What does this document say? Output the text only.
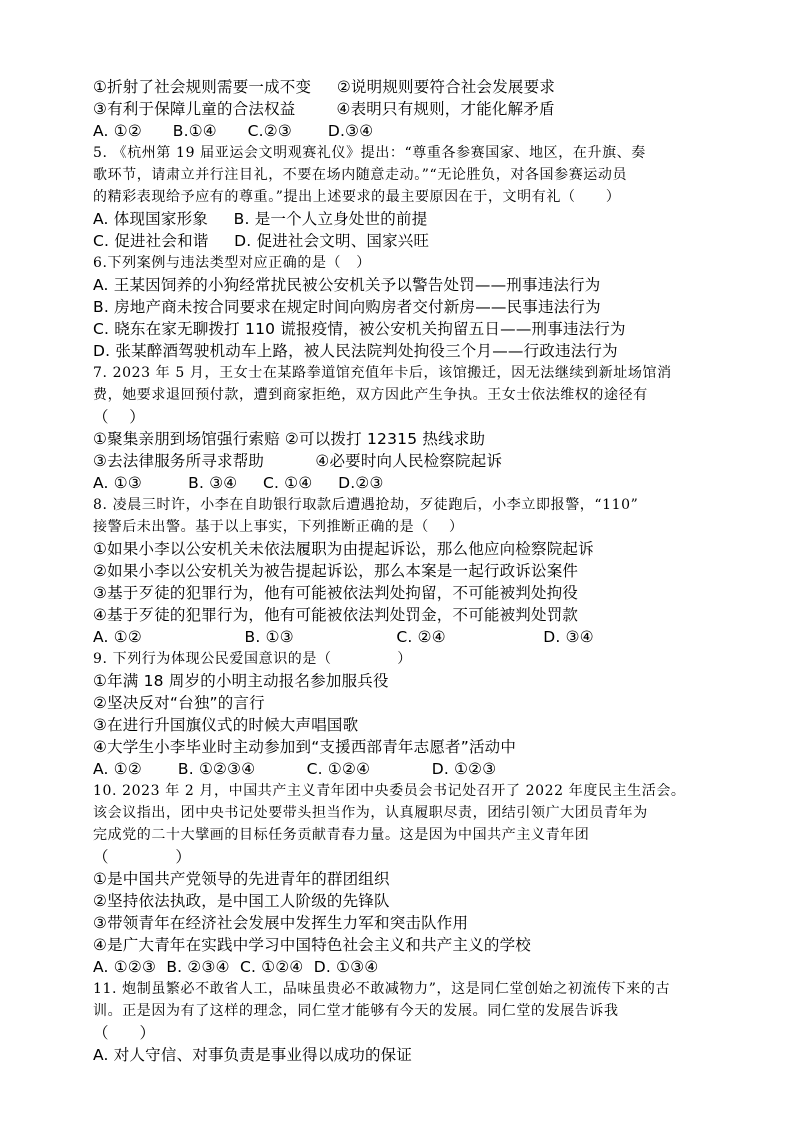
①折射了社会规则需要一成不变     ②说明规则要符合社会发展要求
③有利于保障儿童的合法权益        ④表明只有规则，才能化解矛盾
A. ①②      B.①④      C.②③       D.③④
5. 《杭州第 19 届亚运会文明观赛礼仪》提出：“尊重各参赛国家、地区，在升旗、奏
歌环节，请肃立并行注目礼，不要在场内随意走动。”“无论胜负，对各国参赛运动员
的精彩表现给予应有的尊重。”提出上述要求的最主要原因在于，文明有礼（      ）
A. 体现国家形象     B. 是一个人立身处世的前提
C. 促进社会和谐     D. 促进社会文明、国家兴旺
6.下列案例与违法类型对应正确的是（   ）
A. 王某因饲养的小狗经常扰民被公安机关予以警告处罚——刑事违法行为
B. 房地产商未按合同要求在规定时间向购房者交付新房——民事违法行为
C. 晓东在家无聊拨打 110 谎报疫情，被公安机关拘留五日——刑事违法行为
D. 张某醉酒驾驶机动车上路，被人民法院判处拘役三个月——行政违法行为
7. 2023 年 5 月，王女士在某路拳道馆充值年卡后，该馆搬迁，因无法继续到新址场馆消
费，她要求退回预付款，遭到商家拒绝，双方因此产生争执。王女士依法维权的途径有
（    ）
①聚集亲朋到场馆强行索赔 ②可以拨打 12315 热线求助
③去法律服务所寻求帮助          ④必要时向人民检察院起诉
A. ①③         B. ③④     C. ①④     D.②③
8. 凌晨三时许，小李在自助银行取款后遭遇抢劫，歹徒跑后，小李立即报警，“110”
接警后未出警。基于以上事实，下列推断正确的是（    ）
①如果小李以公安机关未依法履职为由提起诉讼，那么他应向检察院起诉
②如果小李以公安机关为被告提起诉讼，那么本案是一起行政诉讼案件
③基于歹徒的犯罪行为，他有可能被依法判处拘留，不可能被判处拘役
④基于歹徒的犯罪行为，他有可能被依法判处罚金，不可能被判处罚款
A. ①②                    B. ①③                    C. ②④                   D. ③④
9. 下列行为体现公民爱国意识的是（             ）
①年满 18 周岁的小明主动报名参加服兵役
②坚决反对“台独”的言行
③在进行升国旗仪式的时候大声唱国歌
④大学生小李毕业时主动参加到“支援西部青年志愿者”活动中
A. ①②       B. ①②③④          C. ①②④            D. ①②③
10. 2023 年 2 月，中国共产主义青年团中央委员会书记处召开了 2022 年度民主生活会。
该会议指出，团中央书记处要带头担当作为，认真履职尽责，团结引领广大团员青年为
完成党的二十大擘画的目标任务贡献青春力量。这是因为中国共产主义青年团
（             ）
①是中国共产党领导的先进青年的群团组织
②坚持依法执政，是中国工人阶级的先锋队
③带领青年在经济社会发展中发挥生力军和突击队作用
④是广大青年在实践中学习中国特色社会主义和共产主义的学校
A. ①②③  B. ②③④  C. ①②④  D. ①③④
11. 炮制虽繁必不敢省人工，品味虽贵必不敢减物力”，这是同仁堂创始之初流传下来的古
训。正是因为有了这样的理念，同仁堂才能够有今天的发展。同仁堂的发展告诉我
（      ）
A. 对人守信、对事负责是事业得以成功的保证
